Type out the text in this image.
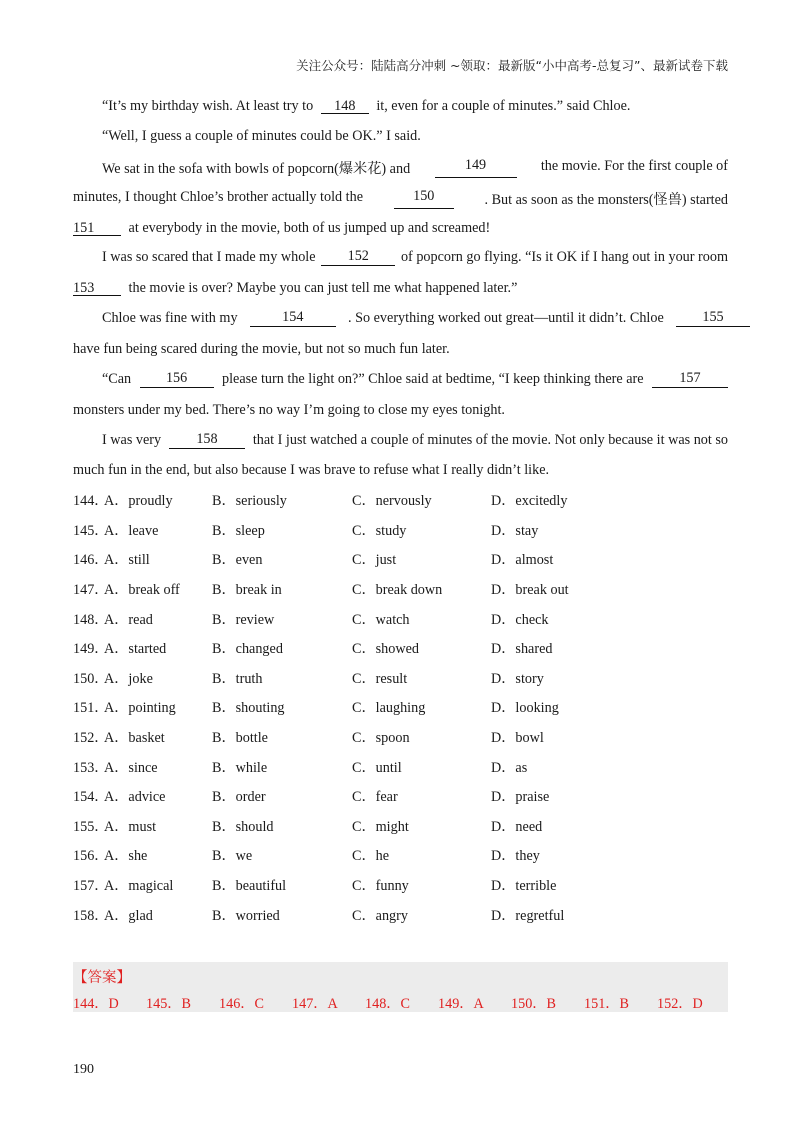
关注公众号：陆陆高分冲刺 ~领取：最新版“小中高考-总复习”、最新试卷下载
“It’s my birthday wish. At least try to 148 it, even for a couple of minutes.” said Chloe.
“Well, I guess a couple of minutes could be OK.” I said.
We sat in the sofa with bowls of popcorn(爆米花) and	149	the movie. For the first couple of
minutes, I thought Chloe’s brother actually told the	150	. But as soon as the monsters(怪兽) started
151 at everybody in the movie, both of us jumped up and screamed!
I was so scared that I made my whole	152	of popcorn go flying. “Is it OK if I hang out in your room
153 the movie is over? Maybe you can just tell me what happened later.”
Chloe was fine with my	154	. So everything worked out great—until it didn’t. Chloe	155
have fun being scared during the movie, but not so much fun later.
“Can	156	please turn the light on?” Chloe said at bedtime, “I keep thinking there are	157
monsters under my bed. There’s no way I’m going to close my eyes tonight.
I was very	158	that I just watched a couple of minutes of the movie. Not only because it was not so
much fun in the end, but also because I was brave to refuse what I really didn’t like.
144．
A．proudly	B．seriously	C．nervously	D．excitedly
145．
A．leave	B．sleep	C．study	D．stay
146．
A．still	B．even	C．just	D．almost
147．
A．break off B．break in	C．break down	D．break out
148．
A．read	B．review	C．watch	D．check
149．
A．started	B．changed	C．showed	D．shared
150．
A．joke	B．truth	C．result	D．story
151．
A．pointing	B．shouting	C．laughing	D．looking
152．
A．basket	B．bottle	C．spoon	D．bowl
153．
A．since	B．while	C．until	D．as
154．
A．advice	B．order	C．fear	D．praise
155．
A．must	B．should	C．might	D．need
156．
A．she	B．we	C．he	D．they
157．
A．magical	B．beautiful	C．funny	D．terrible
158．
A．glad	B．worried	C．angry	D．regretful
【答案】
144．D 145．B 146．C 147．A 148．C 149．A 150．B 151．B 152．D
190
